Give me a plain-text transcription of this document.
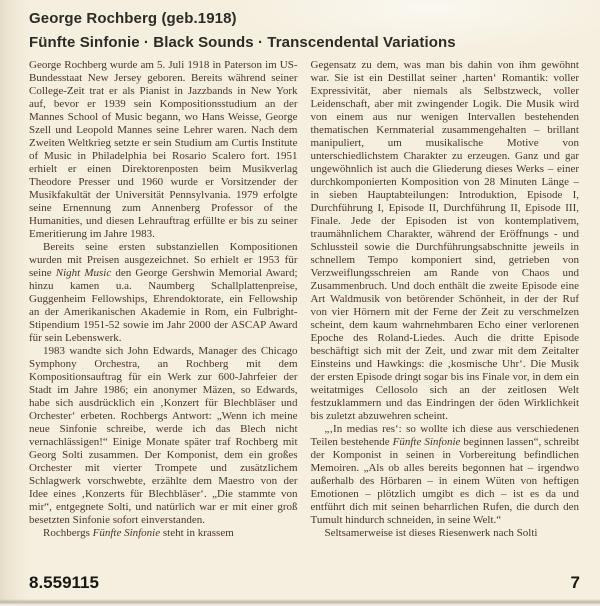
George Rochberg (geb.1918)

Fünfte Sinfonie · Black Sounds · Transcendental Variations

George Rochberg wurde am 5. Juli 1918 in Paterson im US-Bundesstaat New Jersey geboren. Bereits während seiner College-Zeit trat er als Pianist in Jazzbands in New York auf, bevor er 1939 sein Kompositionsstudium an der Mannes School of Music begann, wo Hans Weisse, George Szell und Leopold Mannes seine Lehrer waren. Nach dem Zweiten Weltkrieg setzte er sein Studium am Curtis Institute of Music in Philadelphia bei Rosario Scalero fort. 1951 erhielt er einen Direktorenposten beim Musikverlag Theodore Presser und 1960 wurde er Vorsitzender der Musikfakultät der Universität Pennsylvania. 1979 erfolgte seine Ernennung zum Annenberg Professor of the Humanities, und diesen Lehrauftrag erfüllte er bis zu seiner Emeritierung im Jahre 1983.

Bereits seine ersten substanziellen Kompositionen wurden mit Preisen ausgezeichnet. So erhielt er 1953 für seine Night Music den George Gershwin Memorial Award; hinzu kamen u.a. Naumberg Schallplattenpreise, Guggenheim Fellowships, Ehrendoktorate, ein Fellowship an der Amerikanischen Akademie in Rom, ein Fulbright-Stipendium 1951-52 sowie im Jahr 2000 der ASCAP Award für sein Lebenswerk.

1983 wandte sich John Edwards, Manager des Chicago Symphony Orchestra, an Rochberg mit dem Kompositionsauftrag für ein Werk zur 600-Jahrfeier der Stadt im Jahre 1986; ein anonymer Mäzen, so Edwards, habe sich ausdrücklich ein ‚Konzert für Blechbläser und Orchester‘ erbeten. Rochbergs Antwort: „Wenn ich meine neue Sinfonie schreibe, werde ich das Blech nicht vernachlässigen!“ Einige Monate später traf Rochberg mit Georg Solti zusammen. Der Komponist, dem ein großes Orchester mit vierter Trompete und zusätzlichem Schlagwerk vorschwebte, erzählte dem Maestro von der Idee eines ‚Konzerts für Blechbläser‘. „Die stammte von mir“, entgegnete Solti, und natürlich war er mit einer groß besetzten Sinfonie sofort einverstanden.

Rochbergs Fünfte Sinfonie steht in krassem

Gegensatz zu dem, was man bis dahin von ihm gewöhnt war. Sie ist ein Destillat seiner ‚harten‘ Romantik: voller Expressivität, aber niemals als Selbstzweck, voller Leidenschaft, aber mit zwingender Logik. Die Musik wird von einem aus nur wenigen Intervallen bestehenden thematischen Kernmaterial zusammengehalten – brillant manipuliert, um musikalische Motive von unterschiedlichstem Charakter zu erzeugen. Ganz und gar ungewöhnlich ist auch die Gliederung dieses Werks – einer durchkomponierten Komposition von 28 Minuten Länge – in sieben Hauptabteilungen: Introduktion, Episode I, Durchführung I, Episode II, Durchführung II, Episode III, Finale. Jede der Episoden ist von kontemplativem, traumähnlichem Charakter, während der Eröffnungs - und Schlussteil sowie die Durchführungsabschnitte jeweils in schnellem Tempo komponiert sind, getrieben von Verzweiflungsschreien am Rande von Chaos und Zusammenbruch. Und doch enthält die zweite Episode eine Art Waldmusik von betörender Schönheit, in der der Ruf von vier Hörnern mit der Ferne der Zeit zu verschmelzen scheint, dem kaum wahrnehmbaren Echo einer verlorenen Epoche des Roland-Liedes. Auch die dritte Episode beschäftigt sich mit der Zeit, und zwar mit dem Zeitalter Einsteins und Hawkings: die ‚kosmische Uhr‘. Die Musik der ersten Episode dringt sogar bis ins Finale vor, in dem ein weitatmiges Cellosolo sich an der zeitlosen Welt festzuklammern und das Eindringen der öden Wirklichkeit bis zuletzt abzuwehren scheint.

„‚In medias res‘: so wollte ich diese aus verschiedenen Teilen bestehende Fünfte Sinfonie beginnen lassen“, schreibt der Komponist in seinen in Vorbereitung befindlichen Memoiren. „Als ob alles bereits begonnen hat – irgendwo außerhalb des Hörbaren – in einem Wüten von heftigen Emotionen – plötzlich umgibt es dich – ist es da und entführt dich mit seinen beharrlichen Rufen, die durch den Tumult hindurch schneiden, in seine Welt.“

Seltsamerweise ist dieses Riesenwerk nach Solti

8.559115	7
